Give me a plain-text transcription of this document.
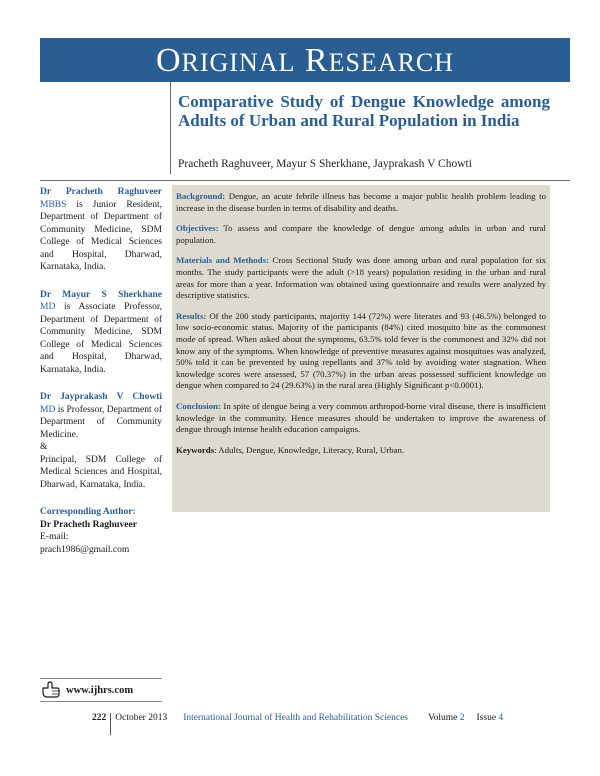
ORIGINAL RESEARCH
Comparative Study of Dengue Knowledge among Adults of Urban and Rural Population in India
Pracheth Raghuveer, Mayur S Sherkhane, Jayprakash V Chowti
Dr Pracheth Raghuveer
MBBS is Junior Resident, Department of Department of Community Medicine, SDM College of Medical Sciences and Hospital, Dharwad, Karnataka, India.
Dr Mayur S Sherkhane
MD is Associate Professor, Department of Department of Community Medicine, SDM College of Medical Sciences and Hospital, Dharwad, Karnataka, India.
Dr Jayprakash V Chowti
MD is Professor, Department of Department of Community Medicine.
&
Principal, SDM College of Medical Sciences and Hospital, Dharwad, Karnataka, India.
Corresponding Author:
Dr Pracheth Raghuveer
E-mail:
prach1986@gmail.com

Background: Dengue, an acute febrile illness has become a major public health problem leading to increase in the disease burden in terms of disability and deaths.

Objectives: To assess and compare the knowledge of dengue among adults in urban and rural population.

Materials and Methods: Cross Sectional Study was done among urban and rural population for six months. The study participants were the adult (>18 years) population residing in the urban and rural areas for more than a year. Information was obtained using questionnaire and results were analyzed by descriptive statistics.

Results: Of the 200 study participants, majority 144 (72%) were literates and 93 (46.5%) belonged to low socio-economic status. Majority of the participants (84%) cited mosquito bite as the commonest mode of spread. When asked about the symptoms, 63.5% told fever is the commonest and 32% did not know any of the symptoms. When knowledge of preventive measures against mosquitoes was analyzed, 50% told it can be prevented by using repellants and 37% told by avoiding water stagnation. When knowledge scores were assessed, 57 (70.37%) in the urban areas possessed sufficient knowledge on dengue when compared to 24 (29.63%) in the rural area (Highly Significant p<0.0001).

Conclusion: In spite of dengue being a very common arthropod-borne viral disease, there is insufficient knowledge in the community. Hence measures should be undertaken to improve the awareness of dengue through intense health education campaigns.

Keywords: Adults, Dengue, Knowledge, Literacy, Rural, Urban.

www.ijhrs.com
222 October 2013 International Journal of Health and Rehabilitation Sciences Volume 2 Issue 4
